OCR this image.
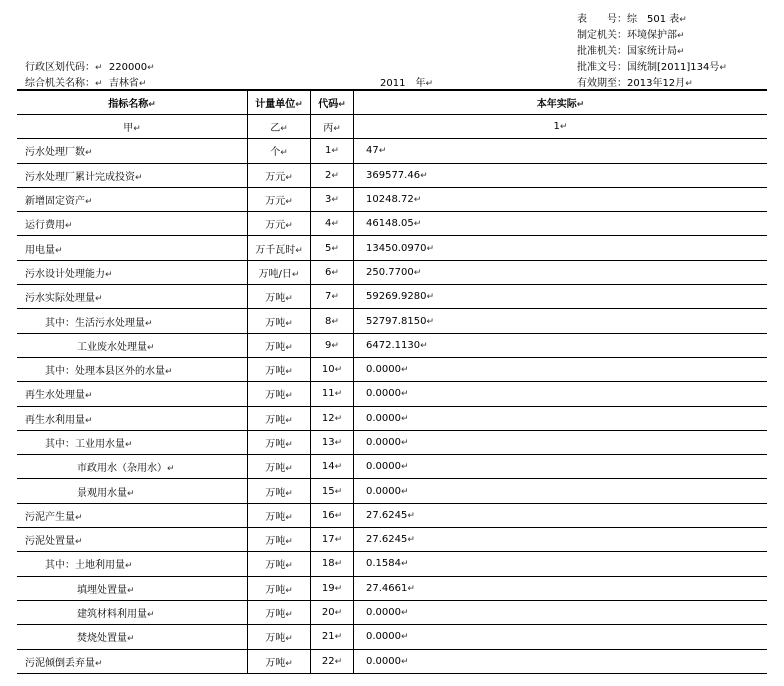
表　　号：综　501 表↵
制定机关：环境保护部↵
批准机关：国家统计局↵
批准文号：国统制[2011]134号↵
有效期至：2013年12月↵
行政区划代码：↵ 220000↵
综合机关名称：↵ 吉林省↵	2011　年↵
指标名称↵	计量单位↵	代码↵	本年实际↵
甲↵	乙↵	丙↵	1↵
污水处理厂数↵	个↵	1↵	47↵
污水处理厂累计完成投资↵	万元↵	2↵	369577.46↵
新增固定资产↵	万元↵	3↵	10248.72↵
运行费用↵	万元↵	4↵	46148.05↵
用电量↵	万千瓦时↵	5↵	13450.0970↵
污水设计处理能力↵	万吨/日↵	6↵	250.7700↵
污水实际处理量↵	万吨↵	7↵	59269.9280↵
其中：生活污水处理量↵	万吨↵	8↵	52797.8150↵
工业废水处理量↵	万吨↵	9↵	6472.1130↵
其中：处理本县区外的水量↵	万吨↵	10↵	0.0000↵
再生水处理量↵	万吨↵	11↵	0.0000↵
再生水利用量↵	万吨↵	12↵	0.0000↵
其中：工业用水量↵	万吨↵	13↵	0.0000↵
市政用水（杂用水）↵	万吨↵	14↵	0.0000↵
景观用水量↵	万吨↵	15↵	0.0000↵
污泥产生量↵	万吨↵	16↵	27.6245↵
污泥处置量↵	万吨↵	17↵	27.6245↵
其中：土地利用量↵	万吨↵	18↵	0.1584↵
填埋处置量↵	万吨↵	19↵	27.4661↵
建筑材料利用量↵	万吨↵	20↵	0.0000↵
焚烧处置量↵	万吨↵	21↵	0.0000↵
污泥倾倒丢弃量↵	万吨↵	22↵	0.0000↵
